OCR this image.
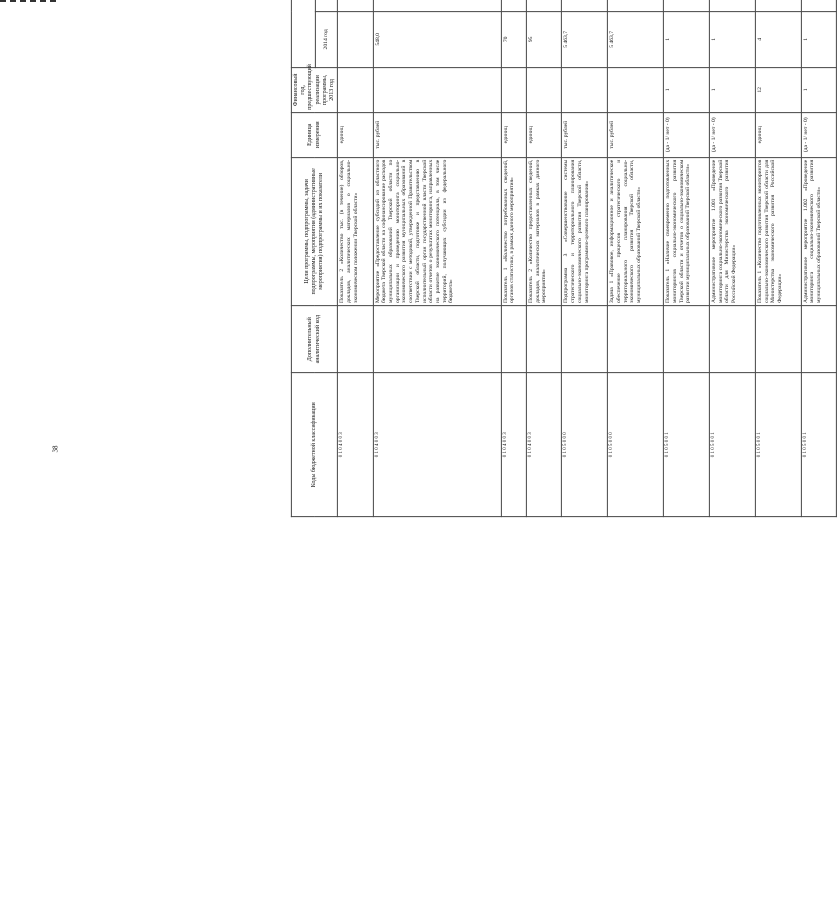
38	Коды бюджетной классификации	Дополнительный аналитический код	Цели программы, подпрограммы, задачи подпрограммы, мероприятия (административные мероприятия) подпрограммы и их показатели	Единица измерения	Финансовый год, предшествующий реализации программы, 2013 год		
					2014 год							
0 1 0 4 0 0 3		Показатель 2 «Количество тыс. (в течение) обзоров, докладов, аналитических материалов о социально-экономическом положении Тверской области»	единиц									
0 1 0 4 0 0 3		Мероприятие «Предоставление субсидий из областного бюджета Тверской области на софинансирование расходов муниципальных образований Тверской области по организации и проведению мониторинга социально-экономического развития муниципальных образований в соответствии с методикой, утвержденной Правительством Тверской области, подготовке и представлению в исполнительный орган государственной власти Тверской области отчетов о результатах мониторинга, направленных на развитие экономического потенциала, в том числе территорий, получающих субсидии из федерального бюджета»	тыс. рублей		548,0							
0 1 0 4 0 0 3		Показатель 1 «Количество потребованных сведений, органов статистики, в рамках данного мероприятия»	единиц		70							
0 1 0 4 0 0 3		Показатель 2 «Количество предоставленных сведений, докладов, аналитических материалов в рамках данного мероприятия»	единиц		95							
0 1 0 5 0 0 0		Подпрограмма 3 «Совершенствование системы стратегического и территориального планирования социально-экономического развития Тверской области, мониторинга программно-целевого планирования»	тыс. рублей		5 463,7							
0 1 0 5 0 0 0		Задача 1 «Правовое, информационное и аналитическое обеспечение процессов стратегического и территориального планирования социально-экономического развития Тверской области, муниципальных образований Тверской области»	тыс. рублей		5 463,7							
0 1 0 5 0 0 1		Показатель 1 «Наличие своевременно подготовленных мониторингов социально-экономического развития Тверской области и отчетов о социально-экономическом развитии муниципальных образований Тверской области»	(да - 1/ нет - 0)	1	1							
0 1 0 5 0 0 1		Административное мероприятие 1.001 «Проведение мониторинга социально-экономического развития Тверской области для Министерства экономического развития Российской Федерации»	(да - 1/ нет - 0)	1	1							
0 1 0 5 0 0 1		Показатель 1 «Количество подготовленных мониторингов социально-экономического развития Тверской области для Министерства экономического развития Российской Федерации»	единиц	12	4							
0 1 0 5 0 0 1		Административное мероприятие 1.002 «Проведение мониторинга социально-экономического развития муниципальных образований Тверской области»	(да - 1/ нет - 0)	1	1							
